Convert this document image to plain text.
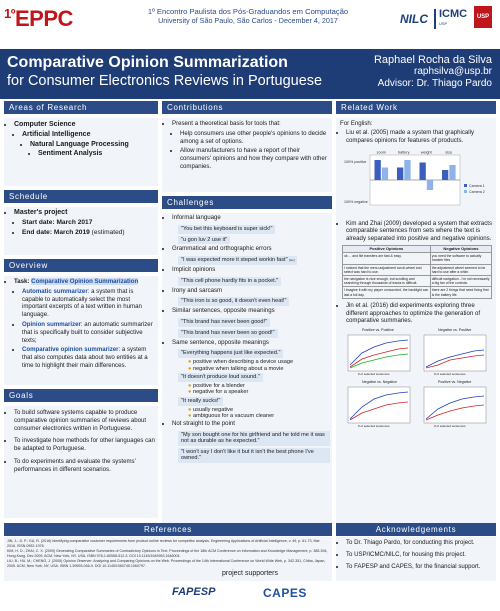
$^{1º}$EPPC	1º Encontro Paulista dos Pós-Graduandos em Computação
University of São Paulo, São Carlos - December 4, 2017	NILC	ICMC
USP
USP
Comparative Opinion Summarization
for Consumer Electronics Reviews in Portuguese
Raphael Rocha da Silva
raphsilva@usp.br
Advisor: Dr. Thiago Pardo
Areas of Research
• Computer Science
• Artificial Intelligence
• Natural Language Processing
• Sentiment Analysis
Schedule
• Master's project
• Start date: March 2017
• End date: March 2019 (estimated)
Overview
• Task: Comparative Opinion Summarization
• Automatic summarizer: a system that is capable to automatically select the most important excerpts of a text written in human language.
• Opinion summarizer: an automatic summarizer that is specifically built to consider subjective texts;
• Comparative opinion summarizer: a system that also computes data about two entities at a time to highlight their main differences.
Goals
• To build software systems capable to produce comparative opinion summaries of reviews about consumer electronics written in Portuguese.
• To investigate how methods for other languages can be adapted to Portuguese.
• To do experiments and evaluate the systems' performances in different scenarios.
Contributions
• Present a theoretical basis for tools that:
• Help consumers use other people's opinions to decide among a set of options.
• Allow manufacturers to have a report of their consumers' opinions and how they compare with other companies.
Challenges
• Informal language
"You bet this keyboard is super sick!"
"u gon luv 2 use it"
• Grammatical and orthographic errors
"I was expected more it steped workin fast" [sic]
• Implicit opinions
"This cell phone hardly fits in a pocket."
• Irony and sarcasm
"This iron is so good, it doesn't even heat!"
• Similar sentences, opposite meanings
"This brand has never been good!"
"This brand has never been so good!"
• Same sentence, opposite meanings
"Everything happens just like expected."
● positive when describing a device usage
● negative when talking about a movie
"It doesn't produce loud sound."
● positive for a blender
● negative for a speaker
"It really sucks!"
● usually negative
● ambiguous for a vacuum cleaner
• Not straight to the point
"My son bought one for his girlfriend and he told me it was not as durable as he expected." "I won't say I don't like it but it isn't the best phone I've owned."
Related Work
For English:
• Liu et al. (2005) made a system that graphically compares opinions for features of products.
100% positive
100% negative
zoom	battery	weight	size
Camera 1
Camera 2
• Kim and Zhai (2009) developed a system that extracts comparable sentences from sets where the text is already separated into positive and negative opinions.
Positive Opinions	Negative Opinions
ok ... and file transfers are fast & easy.	you need the software to actually transfer files
I noticed that the menu adjustment scroll-wheel and select was hard to use.	the adjustment wheel seemed to be hard to use after a while.
the navigation is nice enough, but scrolling and searching through thousands of tracks is difficult.	difficult navigation - i'm not necessarily a big fan of the controls.
I imagine it with my player unmounted, the backlight can last a full day.	there are 2 things that need fixing first is the battery life.
• Jin et al. (2016) did experiments exploring three different approaches to optimize the generation of comparative summaries.
Positive vs. Positive	Negative vs. Positive
Negative vs. Negative	Positive vs. Negative
# of selected sentences	# of selected sentences
# of selected sentences	# of selected sentences
References
JIN, J.; JI, P.; GU, R. (2016) Identifying comparative customer requirements from product online reviews for competitor analysis. Engineering Applications of Artificial Intelligence, v. 49, p. 61-73, Mar 2016. ISSN 0952-1976.
KIM, H. D.; ZHAI, C. X. (2009) Generating Comparative Summaries of Contradictory Opinions in Text. Proceedings of the 18th ACM Conference on Information and Knowledge Management, p. 385-394, Hong Kong, Dec 2009. ACM, New York, NY, USA. ISBN 978-1-60558-512-3. DOI 10.1145/1645953.1646004.
LIU, B.; HU, M.; CHENG, J. (2005) Opinion Observer: Analyzing and Comparing Opinions on the Web. Proceedings of the 14th International Conference on World Wide Web, p. 342-351, Chiba, Japan, 2005. ACM, New York, NY, USA. ISBN 1-59593-046-9. DOI 10.1145/1060745.1060797.
Acknowledgements
• To Dr. Thiago Pardo, for conducting this project.
• To USP/ICMC/NILC, for housing this project.
• To FAPESP and CAPES, for the financial support.
project supporters
FAPESP	CAPES
